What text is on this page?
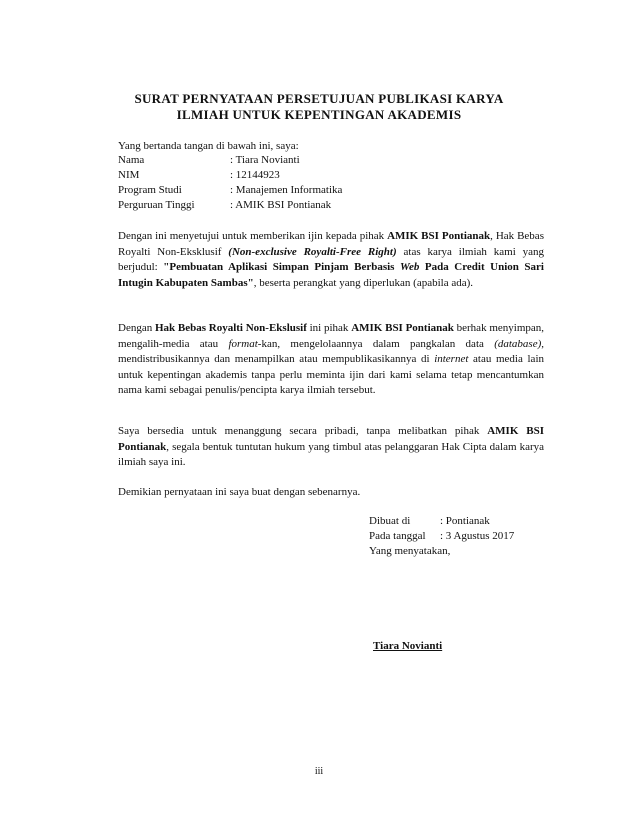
SURAT PERNYATAAN PERSETUJUAN PUBLIKASI KARYA
ILMIAH UNTUK KEPENTINGAN AKADEMIS
Yang bertanda tangan di bawah ini, saya:
Nama	: Tiara Novianti
NIM	: 12144923
Program Studi	: Manajemen Informatika
Perguruan Tinggi	: AMIK BSI Pontianak
Dengan ini menyetujui untuk memberikan ijin kepada pihak AMIK BSI Pontianak, Hak Bebas Royalti Non-Eksklusif (Non-exclusive Royalti-Free Right) atas karya ilmiah kami yang berjudul: "Pembuatan Aplikasi Simpan Pinjam Berbasis Web Pada Credit Union Sari Intugin Kabupaten Sambas", beserta perangkat yang diperlukan (apabila ada).
Dengan Hak Bebas Royalti Non-Ekslusif ini pihak AMIK BSI Pontianak berhak menyimpan, mengalih-media atau format-kan, mengelolaannya dalam pangkalan data (database), mendistribusikannya dan menampilkan atau mempublikasikannya di internet atau media lain untuk kepentingan akademis tanpa perlu meminta ijin dari kami selama tetap mencantumkan nama kami sebagai penulis/pencipta karya ilmiah tersebut.
Saya bersedia untuk menanggung secara pribadi, tanpa melibatkan pihak AMIK BSI Pontianak, segala bentuk tuntutan hukum yang timbul atas pelanggaran Hak Cipta dalam karya ilmiah saya ini.
Demikian pernyataan ini saya buat dengan sebenarnya.
Dibuat di	: Pontianak
Pada tanggal : 3 Agustus 2017
Yang menyatakan,
Tiara Novianti
iii
